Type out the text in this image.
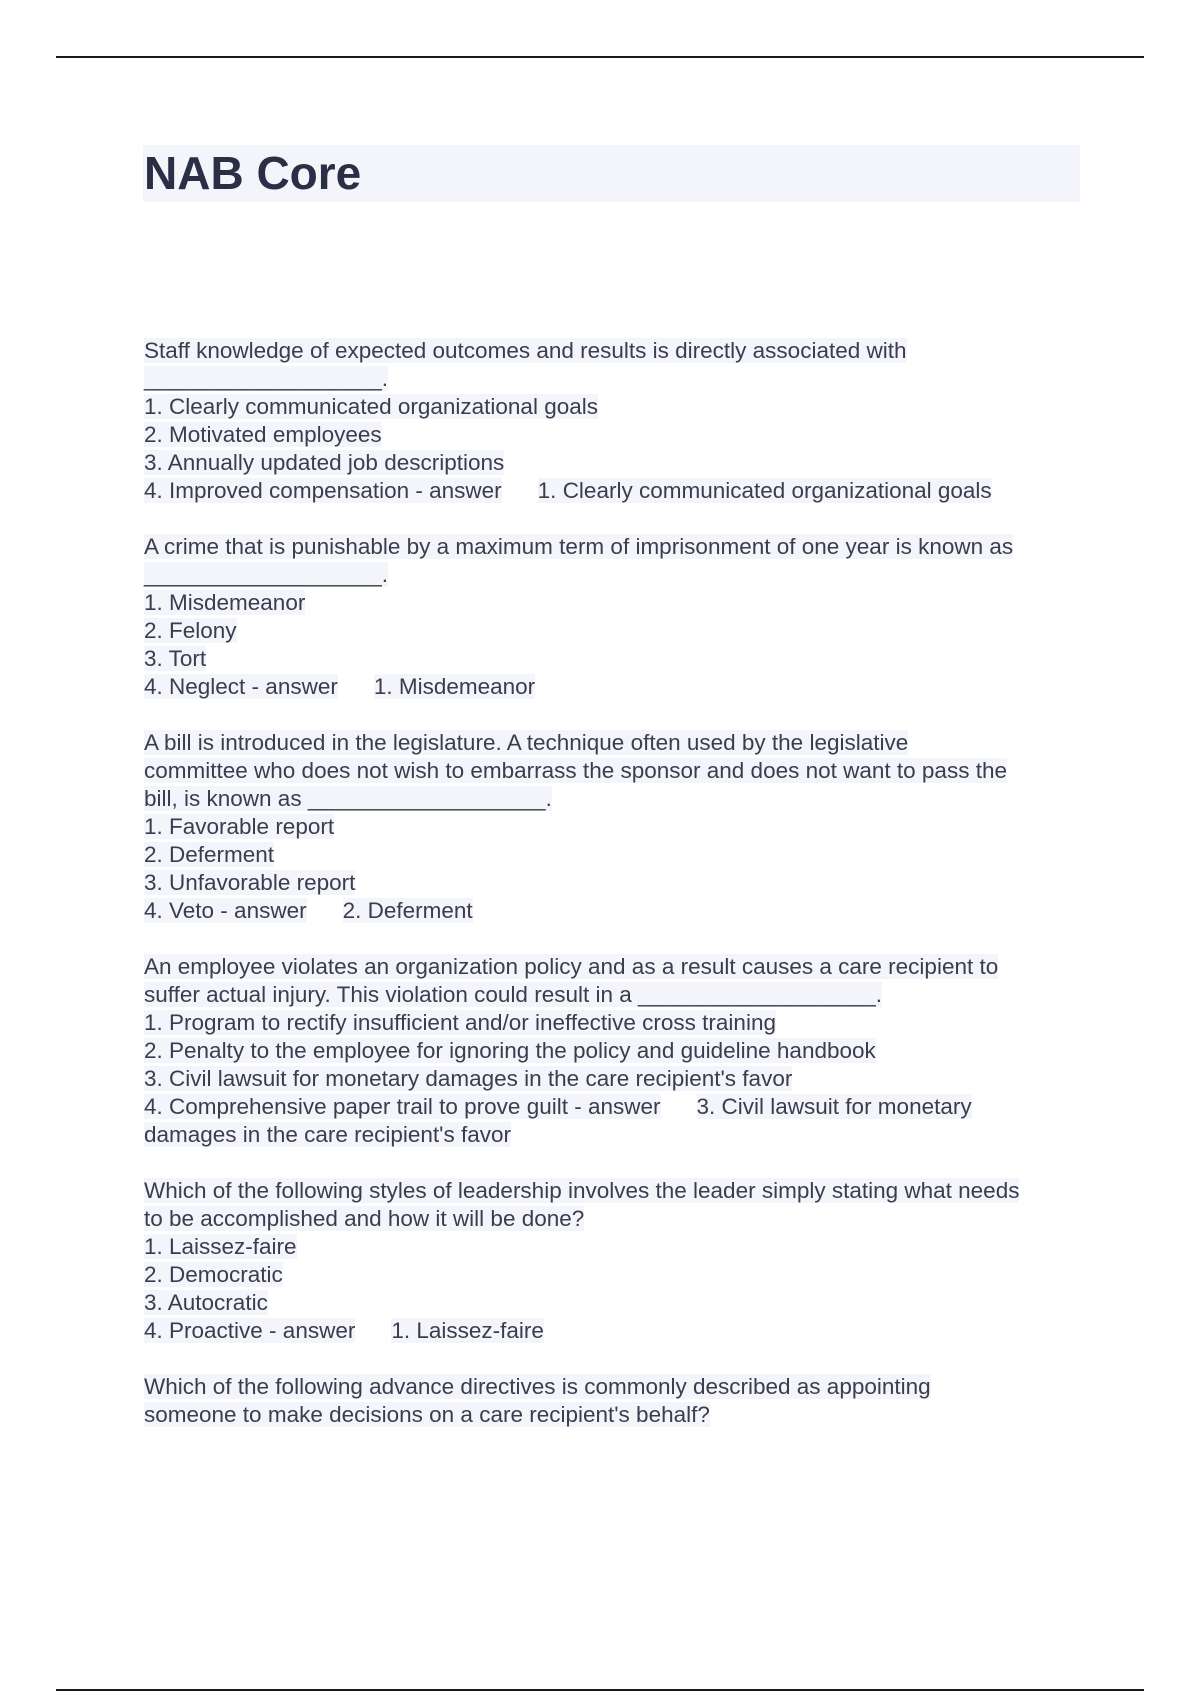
NAB Core
Staff knowledge of expected outcomes and results is directly associated with
___________________.
1. Clearly communicated organizational goals
2. Motivated employees
3. Annually updated job descriptions
4. Improved compensation - answer 1. Clearly communicated organizational goals
A crime that is punishable by a maximum term of imprisonment of one year is known as
___________________.
1. Misdemeanor
2. Felony
3. Tort
4. Neglect - answer 1. Misdemeanor
A bill is introduced in the legislature. A technique often used by the legislative
committee who does not wish to embarrass the sponsor and does not want to pass the
bill, is known as ___________________.
1. Favorable report
2. Deferment
3. Unfavorable report
4. Veto - answer 2. Deferment
An employee violates an organization policy and as a result causes a care recipient to
suffer actual injury. This violation could result in a ___________________.
1. Program to rectify insufficient and/or ineffective cross training
2. Penalty to the employee for ignoring the policy and guideline handbook
3. Civil lawsuit for monetary damages in the care recipient's favor
4. Comprehensive paper trail to prove guilt - answer 3. Civil lawsuit for monetary
damages in the care recipient's favor
Which of the following styles of leadership involves the leader simply stating what needs
to be accomplished and how it will be done?
1. Laissez-faire
2. Democratic
3. Autocratic
4. Proactive - answer 1. Laissez-faire
Which of the following advance directives is commonly described as appointing
someone to make decisions on a care recipient's behalf?
